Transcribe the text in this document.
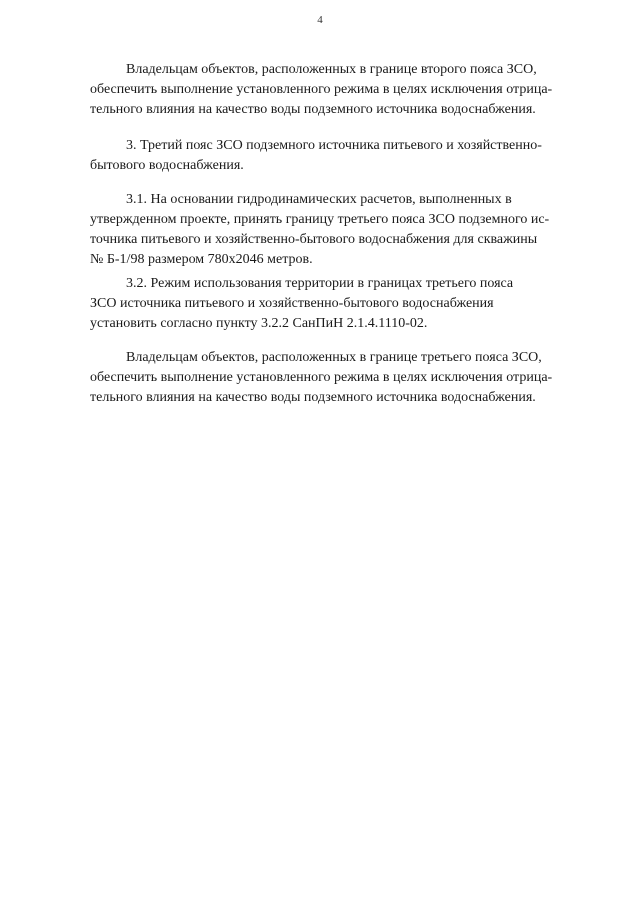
4
Владельцам объектов, расположенных в границе второго пояса ЗСО,
обеспечить выполнение установленного режима в целях исключения отрица-
тельного влияния на качество воды подземного источника водоснабжения.
3. Третий пояс ЗСО подземного источника питьевого и хозяйственно-
бытового водоснабжения.
3.1. На основании гидродинамических расчетов, выполненных в
утвержденном проекте, принять границу третьего пояса ЗСО подземного ис-
точника питьевого и хозяйственно-бытового водоснабжения для скважины
№ Б-1/98 размером 780х2046 метров.
3.2. Режим использования территории в границах третьего пояса
ЗСО источника питьевого и хозяйственно-бытового водоснабжения
установить согласно пункту 3.2.2 СанПиН 2.1.4.1110-02.
Владельцам объектов, расположенных в границе третьего пояса ЗСО,
обеспечить выполнение установленного режима в целях исключения отрица-
тельного влияния на качество воды подземного источника водоснабжения.
